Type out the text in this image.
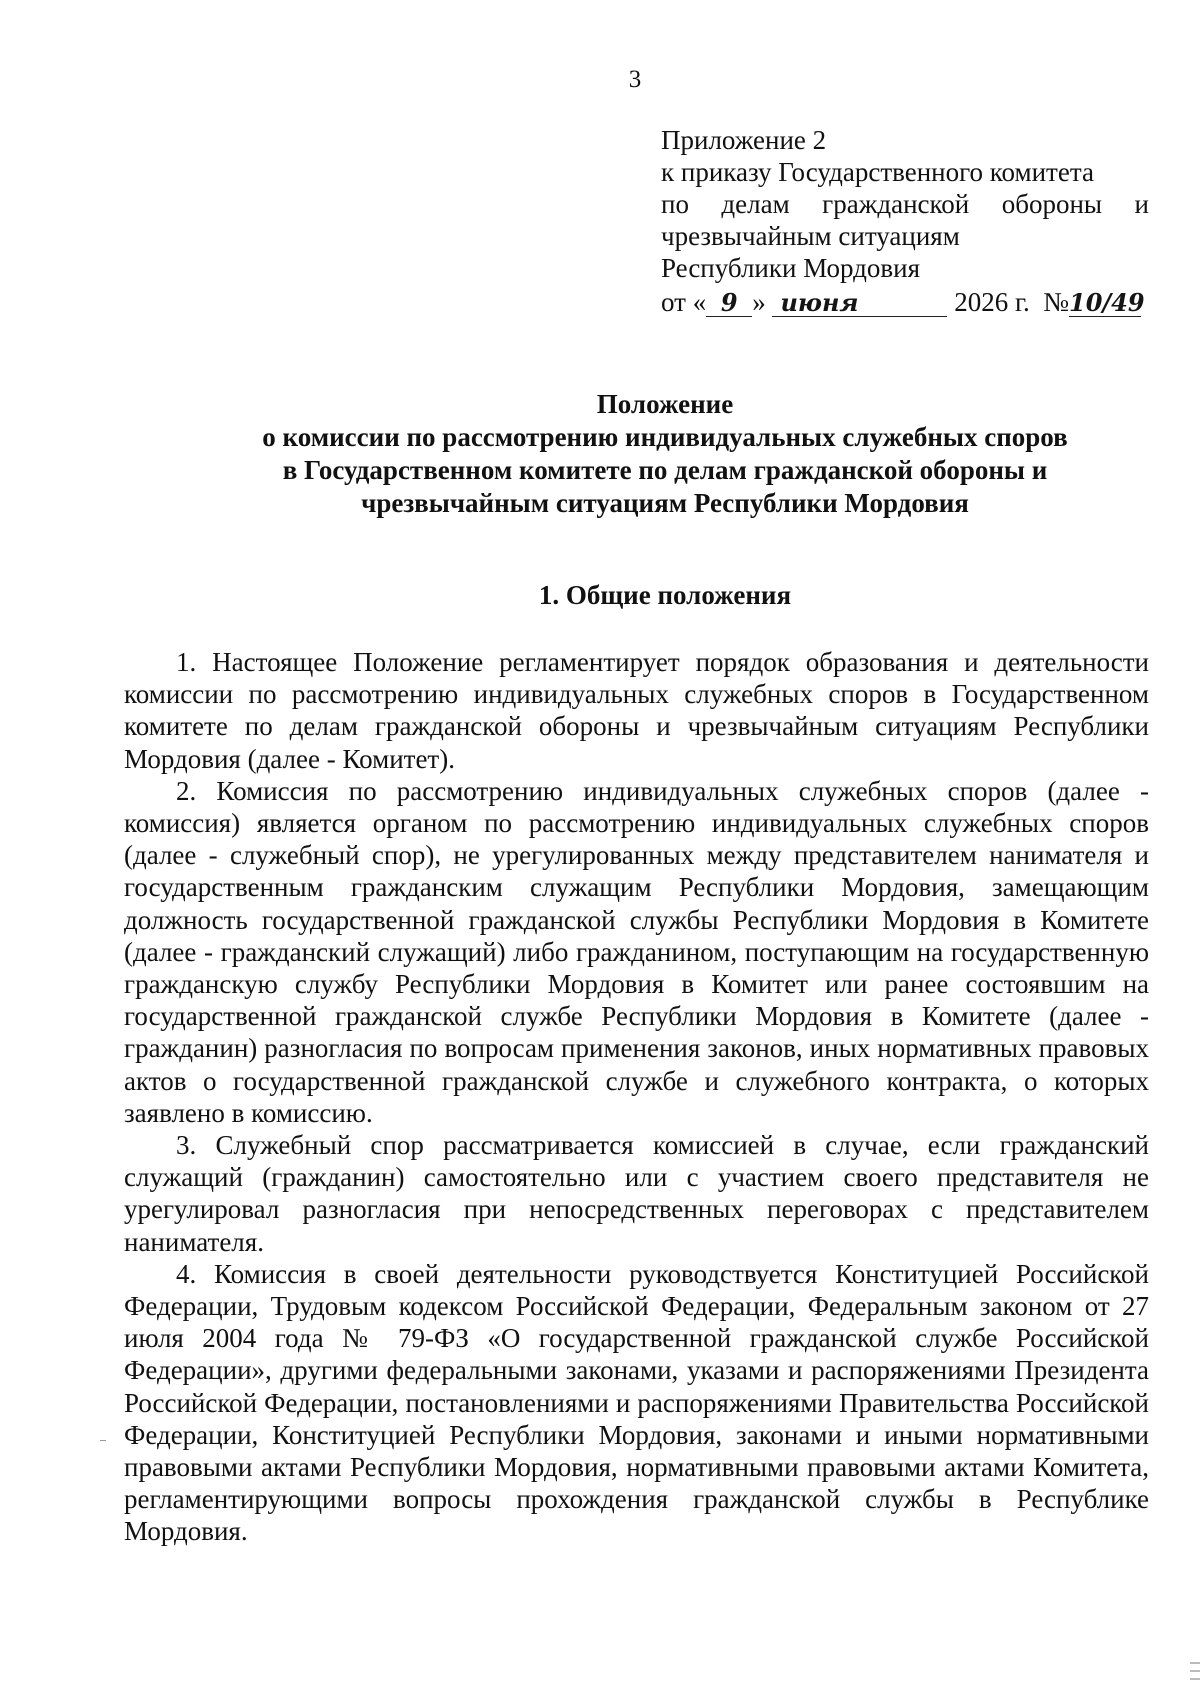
3
Приложение 2
к приказу Государственного комитета
по делам гражданской обороны и
чрезвычайным ситуациям
Республики Мордовия
от « 9 » июня	2026 г. №10/49
Положение
о комиссии по рассмотрению индивидуальных служебных споров
в Государственном комитете по делам гражданской обороны и
чрезвычайным ситуациям Республики Мордовия
1. Общие положения

1. Настоящее Положение регламентирует порядок образования и деятельности комиссии по рассмотрению индивидуальных служебных споров в Государственном комитете по делам гражданской обороны и чрезвычайным ситуациям Республики Мордовия (далее - Комитет).

2. Комиссия по рассмотрению индивидуальных служебных споров (далее - комиссия) является органом по рассмотрению индивидуальных служебных споров (далее - служебный спор), не урегулированных между представителем нанимателя и государственным гражданским служащим Республики Мордовия, замещающим должность государственной гражданской службы Республики Мордовия в Комитете (далее - гражданский служащий) либо гражданином, поступающим на государственную гражданскую службу Республики Мордовия в Комитет или ранее состоявшим на государственной гражданской службе Республики Мордовия в Комитете (далее - гражданин) разногласия по вопросам применения законов, иных нормативных правовых актов о государственной гражданской службе и служебного контракта, о которых заявлено в комиссию.

3. Служебный спор рассматривается комиссией в случае, если гражданский служащий (гражданин) самостоятельно или с участием своего представителя не урегулировал разногласия при непосредственных переговорах с представителем нанимателя.

4. Комиссия в своей деятельности руководствуется Конституцией Российской Федерации, Трудовым кодексом Российской Федерации, Федеральным законом от 27 июля 2004 года № 79-ФЗ «О государственной гражданской службе Российской Федерации», другими федеральными законами, указами и распоряжениями Президента Российской Федерации, постановлениями и распоряжениями Правительства Российской Федерации, Конституцией Республики Мордовия, законами и иными нормативными правовыми актами Республики Мордовия, нормативными правовыми актами Комитета, регламентирующими вопросы прохождения гражданской службы в Республике Мордовия.
